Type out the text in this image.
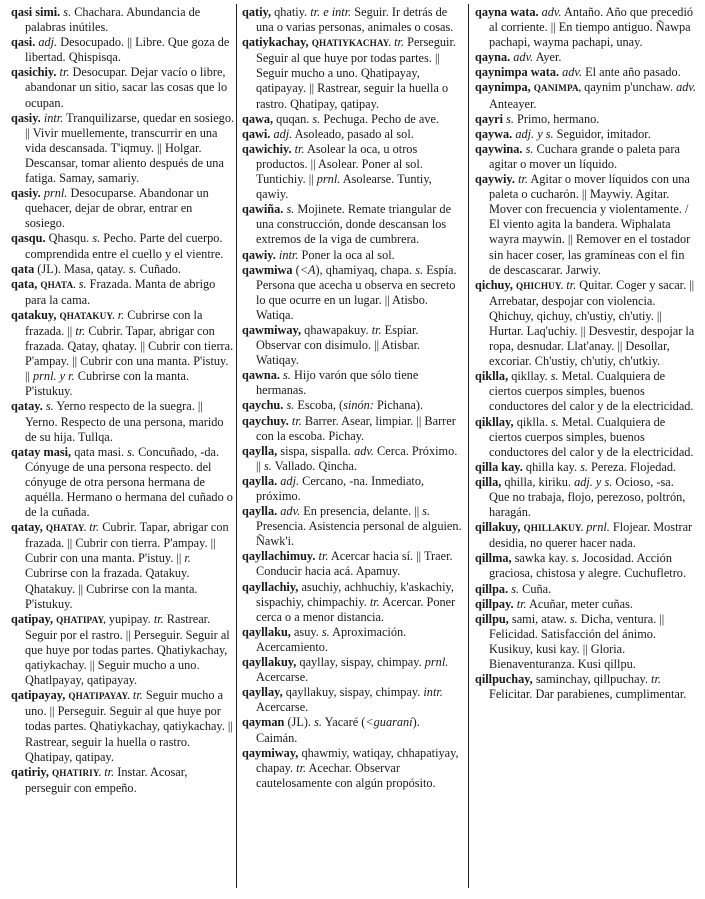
qasi simi. s. Chachara. Abundancia de palabras inútiles.

qasi. adj. Desocupado. || Libre. Que goza de libertad. Qhispisqa.

qasichiy. tr. Desocupar. Dejar vacío o libre, abandonar un sitio, sacar las cosas que lo ocupan.

qasiy. intr. Tranquilizarse, quedar en sosiego. || Vivir muellemente, transcurrir en una vida descansada. T'iqmuy. || Holgar. Descansar, tomar aliento después de una fatiga. Samay, samariy.

qasiy. prnl. Desocuparse. Abandonar un quehacer, dejar de obrar, entrar en sosiego.

qasqu. Qhasqu. s. Pecho. Parte del cuerpo. comprendida entre el cuello y el vientre.

qata (JL). Masa, qatay. s. Cuñado.

qata, QHATA. s. Frazada. Manta de abrigo para la cama.

qatakuy, QHATAKUY. r. Cubrirse con la frazada. || tr. Cubrir. Tapar, abrigar con frazada. Qatay, qhatay. || Cubrir con tierra. P'ampay. || Cubrir con una manta. P'istuy. || prnl. y r. Cubrirse con la manta. P'istukuy.

qatay. s. Yerno respecto de la suegra. || Yerno. Respecto de una persona, marido de su hija. Tullqa.

qatay masi, qata masi. s. Concuñado, -da. Cónyuge de una persona respecto. del cónyuge de otra persona hermana de aquélla. Hermano o hermana del cuñado o de la cuñada.

qatay, QHATAY. tr. Cubrir. Tapar, abrigar con frazada. || Cubrir con tierra. P'ampay. || Cubrir con una manta. P'istuy. || r. Cubrirse con la frazada. Qatakuy. Qhatakuy. || Cubrirse con la manta. P'istukuy.

qatipay, QHATIPAY, yupipay. tr. Rastrear. Seguir por el rastro. || Perseguir. Seguir al que huye por todas partes. Qhatiykachay, qatiykachay. || Seguir mucho a uno. Qhatlpayay, qatipayay.

qatipayay, QHATIPAYAY. tr. Seguir mucho a uno. || Perseguir. Seguir al que huye por todas partes. Qhatiykachay, qatiykachay. || Rastrear, seguir la huella o rastro. Qhatipay, qatipay.

qatiriy, QHATIRIY. tr. Instar. Acosar, perseguir con empeño.

qatiy, qhatiy. tr. e intr. Seguir. Ir detrás de una o varias personas, animales o cosas.

qatiykachay, QHATIYKACHAY. tr. Perseguir. Seguir al que huye por todas partes. || Seguir mucho a uno. Qhatipayay, qatipayay. || Rastrear, seguir la huella o rastro. Qhatipay, qatipay.

qawa, quqan. s. Pechuga. Pecho de ave.

qawi. adj. Asoleado, pasado al sol.

qawichiy. tr. Asolear la oca, u otros productos. || Asolear. Poner al sol. Tuntichiy. || prnl. Asolearse. Tuntiy, qawiy.

qawiña. s. Mojinete. Remate triangular de una construcción, donde descansan los extremos de la viga de cumbrera.

qawiy. intr. Poner la oca al sol.

qawmiwa (<A), qhamiyaq, chapa. s. Espía. Persona que acecha u observa en secreto lo que ocurre en un lugar. || Atisbo. Watiqa.

qawmiway, qhawapakuy. tr. Espiar. Observar con disimulo. || Atisbar. Watiqay.

qawna. s. Hijo varón que sólo tiene hermanas.

qaychu. s. Escoba, (sinón: Pichana).

qaychuy. tr. Barrer. Asear, limpiar. || Barrer con la escoba. Pichay.

qaylla, sispa, sispalla. adv. Cerca. Próximo. || s. Vallado. Qincha.

qaylla. adj. Cercano, -na. Inmediato, próximo.

qaylla. adv. En presencia, delante. || s. Presencia. Asistencia personal de alguien. Ñawk'i.

qayllachimuy. tr. Acercar hacia sí. || Traer. Conducir hacia acá. Apamuy.

qayllachiy, asuchiy, achhuchiy, k'askachiy, sispachiy, chimpachiy. tr. Acercar. Poner cerca o a menor distancia.

qayllaku, asuy. s. Aproximación. Acercamiento.

qayllakuy, qayllay, sispay, chimpay. prnl. Acercarse.

qayllay, qayllakuy, sispay, chimpay. intr. Acercarse.

qayman (JL). s. Yacaré (<guaraní). Caimán.

qaymiway, qhawmiy, watiqay, chhapatiyay, chapay. tr. Acechar. Observar cautelosamente con algún propósito.

qayna wata. adv. Antaño. Año que precedió al corriente. || En tiempo antiguo. Ñawpa pachapi, wayma pachapi, unay.

qayna. adv. Ayer.

qaynimpa wata. adv. El ante año pasado.

qaynimpa, QANIMPA, qaynim p'unchaw. adv. Anteayer.

qayri s. Primo, hermano.

qaywa. adj. y s. Seguidor, imitador.

qaywina. s. Cuchara grande o paleta para agitar o mover un líquido.

qaywiy. tr. Agitar o mover líquidos con una paleta o cucharón. || Maywiy. Agitar. Mover con frecuencia y violentamente. / El viento agita la bandera. Wiphalata wayra maywin. || Remover en el tostador sin hacer coser, las gramíneas con el fin de descascarar. Jarwiy.

qichuy, QHICHUY. tr. Quitar. Coger y sacar. || Arrebatar, despojar con violencia. Qhichuy, qichuy, ch'ustiy, ch'utiy. || Hurtar. Laq'uchiy. || Desvestir, despojar la ropa, desnudar. Llat'anay. || Desollar, excoriar. Ch'ustiy, ch'utiy, ch'utkiy.

qiklla, qikllay. s. Metal. Cualquiera de ciertos cuerpos simples, buenos conductores del calor y de la electricidad.

qikllay, qiklla. s. Metal. Cualquiera de ciertos cuerpos simples, buenos conductores del calor y de la electricidad.

qilla kay. qhilla kay. s. Pereza. Flojedad.

qilla, qhilla, kiriku. adj. y s. Ocioso, -sa. Que no trabaja, flojo, perezoso, poltrón, haragán.

qillakuy, QHILLAKUY. prnl. Flojear. Mostrar desidia, no querer hacer nada.

qillma, sawka kay. s. Jocosidad. Acción graciosa, chistosa y alegre. Cuchufletro.

qillpa. s. Cuña.

qillpay. tr. Acuñar, meter cuñas.

qillpu, sami, ataw. s. Dicha, ventura. || Felicidad. Satisfacción del ánimo. Kusikuy, kusi kay. || Gloria. Bienaventuranza. Kusi qillpu.

qillpuchay, saminchay, qillpuchay. tr. Felicitar. Dar parabienes, cumplimentar.
